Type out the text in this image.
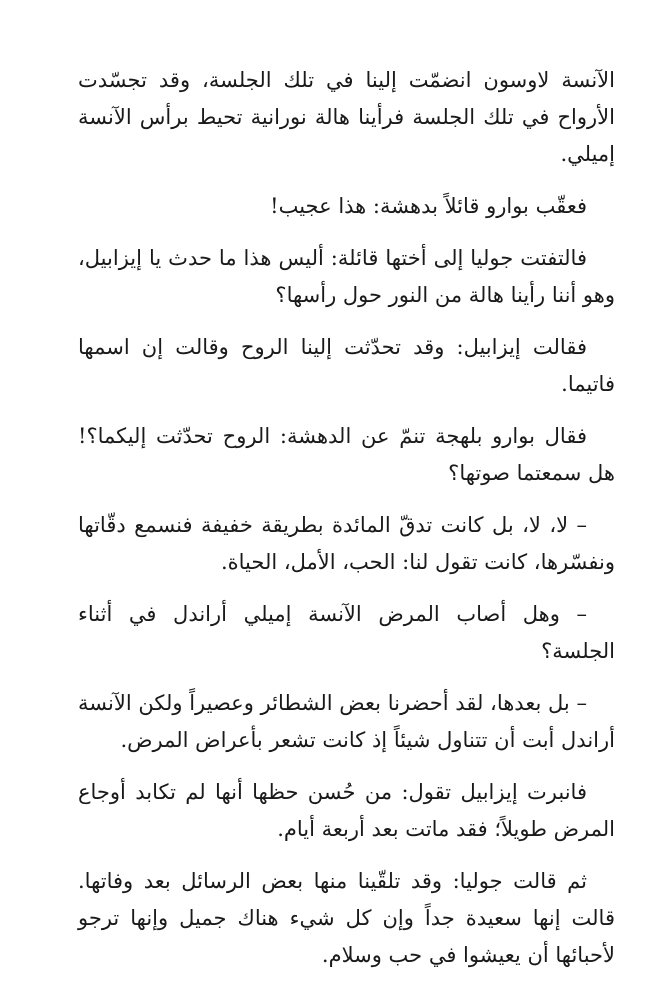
الآنسة لاوسون انضمّت إلينا في تلك الجلسة، وقد تجسّدت الأرواح في تلك الجلسة فرأينا هالة نورانية تحيط برأس الآنسة إميلي.

فعقّب بوارو قائلاً بدهشة: هذا عجيب!

فالتفتت جوليا إلى أختها قائلة: أليس هذا ما حدث يا إيزابيل، وهو أننا رأينا هالة من النور حول رأسها؟

فقالت إيزابيل: وقد تحدّثت إلينا الروح وقالت إن اسمها فاتيما.

فقال بوارو بلهجة تنمّ عن الدهشة: الروح تحدّثت إليكما؟! هل سمعتما صوتها؟

– لا، لا، بل كانت تدقّ المائدة بطريقة خفيفة فنسمع دقّاتها ونفسّرها، كانت تقول لنا: الحب، الأمل، الحياة.

– وهل أصاب المرض الآنسة إميلي أراندل في أثناء الجلسة؟

– بل بعدها، لقد أحضرنا بعض الشطائر وعصيراً ولكن الآنسة أراندل أبت أن تتناول شيئاً إذ كانت تشعر بأعراض المرض.

فانبرت إيزابيل تقول: من حُسن حظها أنها لم تكابد أوجاع المرض طويلاً؛ فقد ماتت بعد أربعة أيام.

ثم قالت جوليا: وقد تلقّينا منها بعض الرسائل بعد وفاتها. قالت إنها سعيدة جداً وإن كل شيء هناك جميل وإنها ترجو لأحبائها أن يعيشوا في حب وسلام.
